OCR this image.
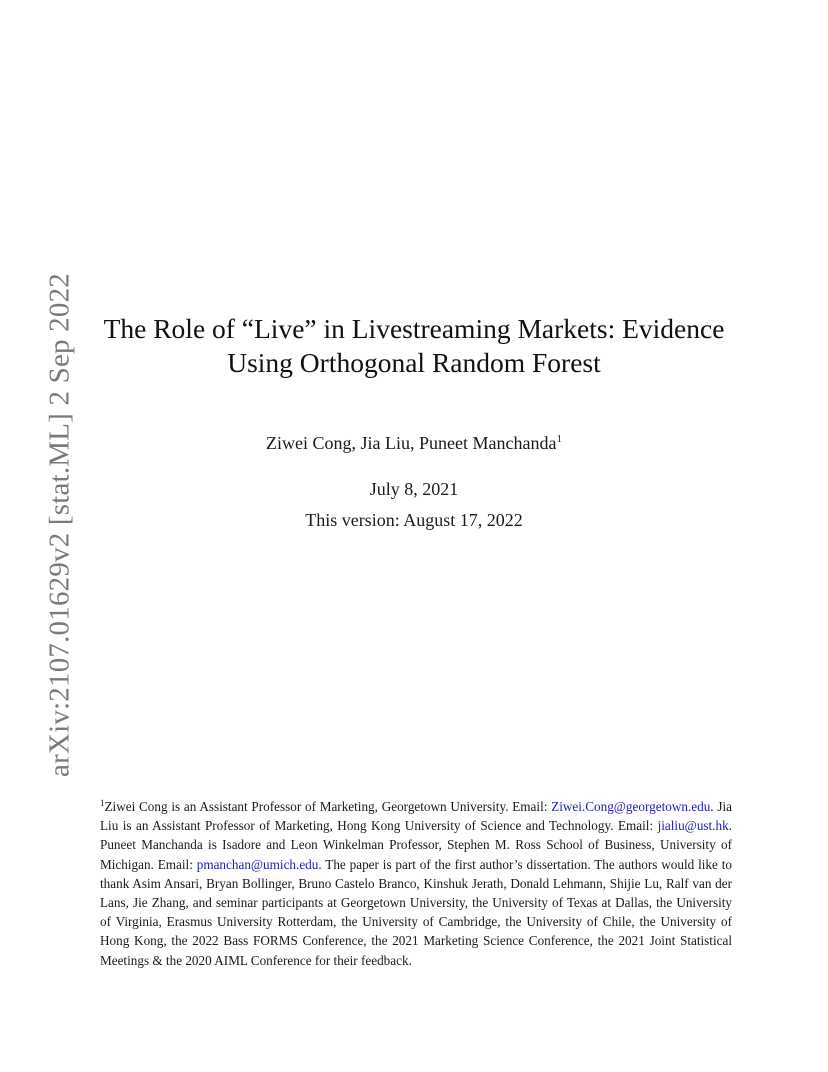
arXiv:2107.01629v2 [stat.ML] 2 Sep 2022	The Role of “Live” in Livestreaming Markets: Evidence
Using Orthogonal Random Forest
Ziwei Cong, Jia Liu, Puneet Manchanda$^1$
July 8, 2021
This version: August 17, 2022
$^1$Ziwei Cong is an Assistant Professor of Marketing, Georgetown University. Email: Ziwei.Cong@georgetown.edu. Jia Liu is an Assistant Professor of Marketing, Hong Kong University of Science and Technology. Email: jialiu@ust.hk. Puneet Manchanda is Isadore and Leon Winkelman Professor, Stephen M. Ross School of Business, University of Michigan. Email: pmanchan@umich.edu. The paper is part of the first author’s dissertation. The authors would like to thank Asim Ansari, Bryan Bollinger, Bruno Castelo Branco, Kinshuk Jerath, Donald Lehmann, Shijie Lu, Ralf van der Lans, Jie Zhang, and seminar participants at Georgetown University, the University of Texas at Dallas, the University of Virginia, Erasmus University Rotterdam, the University of Cambridge, the University of Chile, the University of Hong Kong, the 2022 Bass FORMS Conference, the 2021 Marketing Science Conference, the 2021 Joint Statistical Meetings & the 2020 AIML Conference for their feedback.
